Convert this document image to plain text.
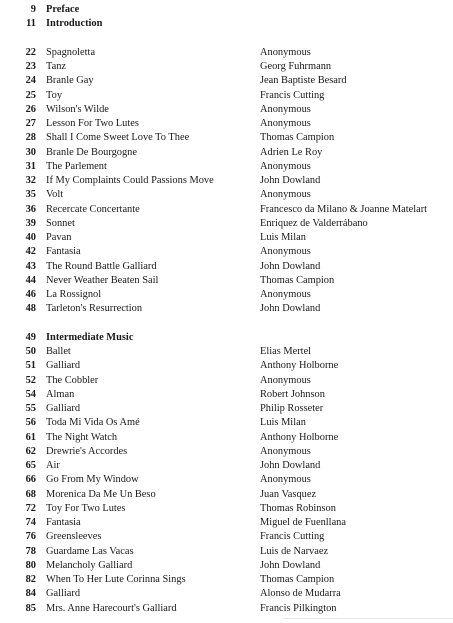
9 Preface
11 Introduction
22 Spagnoletta	Anonymous
23 Tanz	Georg Fuhrmann
24 Branle Gay	Jean Baptiste Besard
25 Toy	Francis Cutting
26 Wilson's Wilde	Anonymous
27 Lesson For Two Lutes	Anonymous
28 Shall I Come Sweet Love To Thee	Thomas Campion
30 Branle De Bourgogne	Adrien Le Roy
31 The Parlement	Anonymous
32 If My Complaints Could Passions Move	John Dowland
35 Volt	Anonymous
36 Recercate Concertante	Francesco da Milano & Joanne Matelart
39 Sonnet	Enriquez de Valderrábano
40 Pavan	Luis Milan
42 Fantasia	Anonymous
43 The Round Battle Galliard	John Dowland
44 Never Weather Beaten Sail	Thomas Campion
46 La Rossignol	Anonymous
48 Tarleton's Resurrection	John Dowland
49 Intermediate Music
50 Ballet	Elias Mertel
51 Galliard	Anthony Holborne
52 The Cobbler	Anonymous
54 Alman	Robert Johnson
55 Galliard	Philip Rosseter
56 Toda Mi Vida Os Amé	Luis Milan
61 The Night Watch	Anthony Holborne
62 Drewrie's Accordes	Anonymous
65 Air	John Dowland
66 Go From My Window	Anonymous
68 Morenica Da Me Un Beso	Juan Vasquez
72 Toy For Two Lutes	Thomas Robinson
74 Fantasia	Miguel de Fuenllana
76 Greensleeves	Francis Cutting
78 Guardame Las Vacas	Luis de Narvaez
80 Melancholy Galliard	John Dowland
82 When To Her Lute Corinna Sings	Thomas Campion
84 Galliard	Alonso de Mudarra
85 Mrs. Anne Harecourt's Galliard	Francis Pilkington
